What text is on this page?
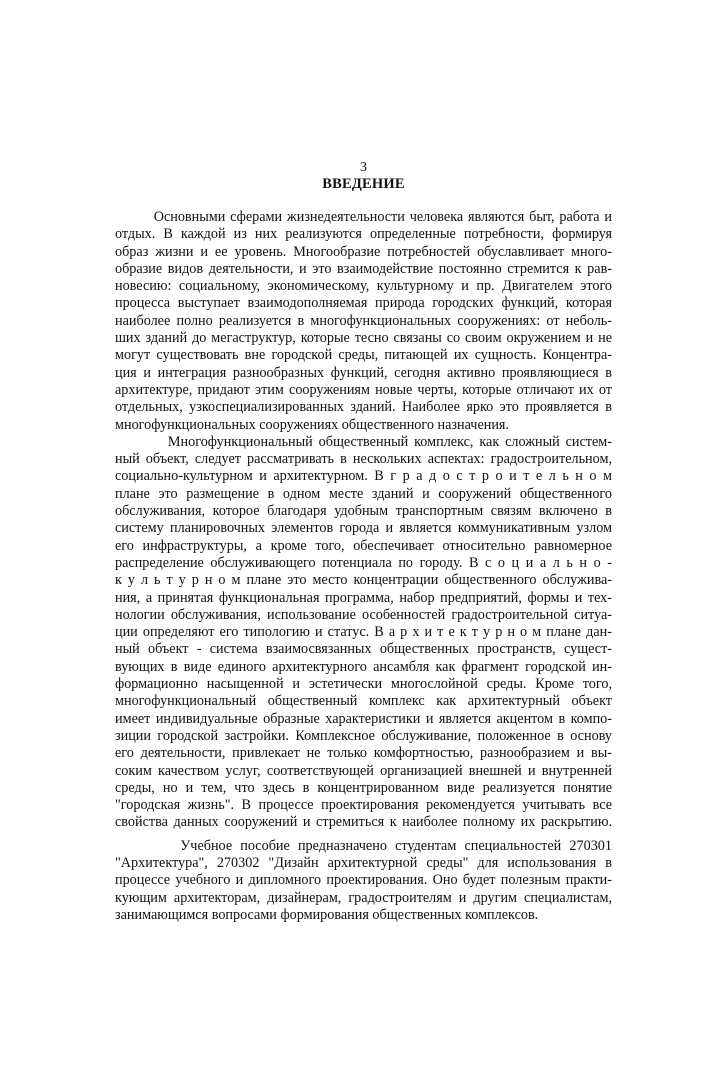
3

ВВЕДЕНИЕ
Основными сферами жизнедеятельности человека являются быт, работа и
отдых. В каждой из них реализуются определенные потребности, формируя
образ жизни и ее уровень. Многообразие потребностей обуславливает много-
образие видов деятельности, и это взаимодействие постоянно стремится к рав-
новесию: социальному, экономическому, культурному и пр. Двигателем этого
процесса выступает взаимодополняемая природа городских функций, которая
наиболее полно реализуется в многофункциональных сооружениях: от неболь-
ших зданий до мегаструктур, которые тесно связаны со своим окружением и не
могут существовать вне городской среды, питающей их сущность. Концентра-
ция и интеграция разнообразных функций, сегодня активно проявляющиеся в
архитектуре, придают этим сооружениям новые черты, которые отличают их от
отдельных, узкоспециализированных зданий. Наиболее ярко это проявляется в
многофункциональных сооружениях общественного назначения.
Многофункциональный общественный комплекс, как сложный систем-
ный объект, следует рассматривать в нескольких аспектах: градостроительном,
социально-культурном и архитектурном. В г р а д о с т р о и т е л ь н о м
плане это размещение в одном месте зданий и сооружений общественного
обслуживания, которое благодаря удобным транспортным связям включено в
систему планировочных элементов города и является коммуникативным узлом
его инфраструктуры, а кроме того, обеспечивает относительно равномерное
распределение обслуживающего потенциала по городу. В с о ц и а л ь н о -
к у л ь т у р н о м плане это место концентрации общественного обслужива-
ния, а принятая функциональная программа, набор предприятий, формы и тех-
нологии обслуживания, использование особенностей градостроительной ситуа-
ции определяют его типологию и статус. В а р х и т е к т у р н о м плане дан-
ный объект - система взаимосвязанных общественных пространств, сущест-
вующих в виде единого архитектурного ансамбля как фрагмент городской ин-
формационно насыщенной и эстетически многослойной среды. Кроме того,
многофункциональный общественный комплекс как архитектурный объект
имеет индивидуальные образные характеристики и является акцентом в компо-
зиции городской застройки. Комплексное обслуживание, положенное в основу
его деятельности, привлекает не только комфортностью, разнообразием и вы-
соким качеством услуг, соответствующей организацией внешней и внутренней
среды, но и тем, что здесь в концентрированном виде реализуется понятие
"городская жизнь". В процессе проектирования рекомендуется учитывать все
свойства данных сооружений и стремиться к наиболее полному их раскрытию.
Учебное пособие предназначено студентам специальностей 270301
"Архитектура", 270302 "Дизайн архитектурной среды" для использования в
процессе учебного и дипломного проектирования. Оно будет полезным практи-
кующим архитекторам, дизайнерам, градостроителям и другим специалистам,
занимающимся вопросами формирования общественных комплексов.
